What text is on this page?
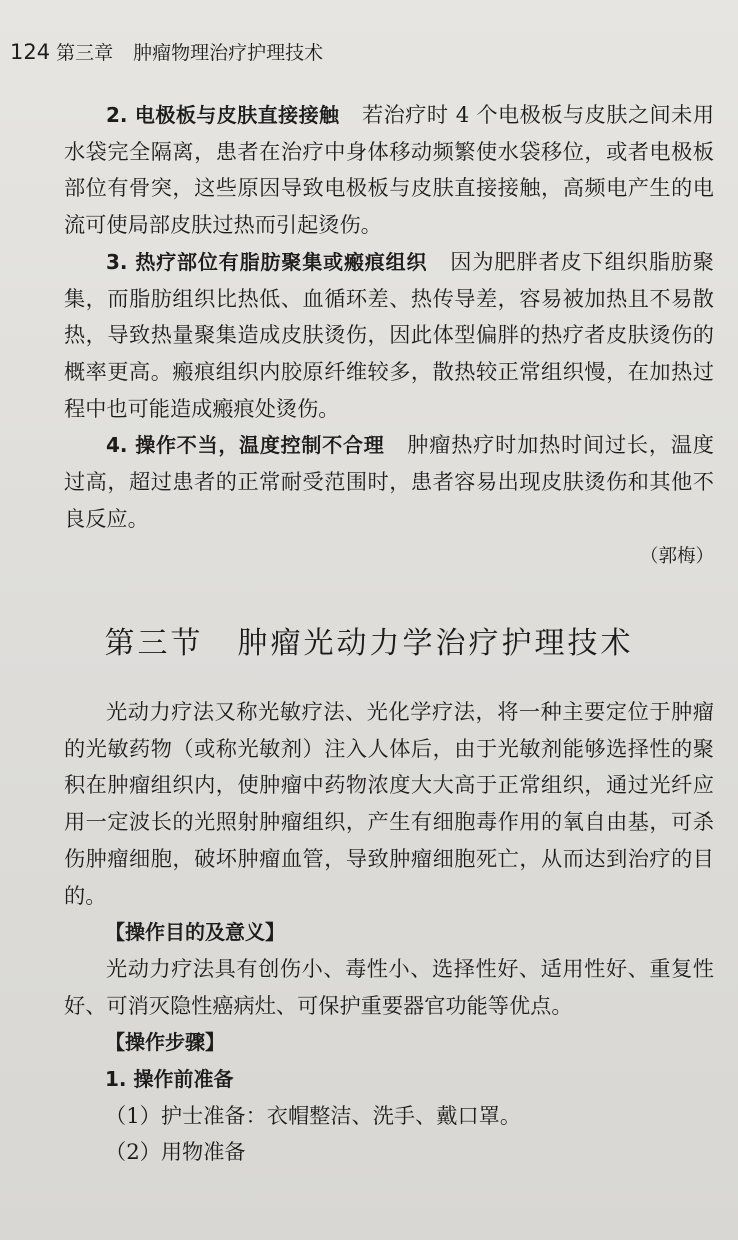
124 第三章 肿瘤物理治疗护理技术

2. 电极板与皮肤直接接触 若治疗时 4 个电极板与皮肤之间未用水袋完全隔离，患者在治疗中身体移动频繁使水袋移位，或者电极板部位有骨突，这些原因导致电极板与皮肤直接接触，高频电产生的电流可使局部皮肤过热而引起烫伤。

3. 热疗部位有脂肪聚集或瘢痕组织 因为肥胖者皮下组织脂肪聚集，而脂肪组织比热低、血循环差、热传导差，容易被加热且不易散热，导致热量聚集造成皮肤烫伤，因此体型偏胖的热疗者皮肤烫伤的概率更高。瘢痕组织内胶原纤维较多，散热较正常组织慢，在加热过程中也可能造成瘢痕处烫伤。

4. 操作不当，温度控制不合理 肿瘤热疗时加热时间过长，温度过高，超过患者的正常耐受范围时，患者容易出现皮肤烫伤和其他不良反应。

（郭梅）
第三节 肿瘤光动力学治疗护理技术

光动力疗法又称光敏疗法、光化学疗法，将一种主要定位于肿瘤的光敏药物（或称光敏剂）注入人体后，由于光敏剂能够选择性的聚积在肿瘤组织内，使肿瘤中药物浓度大大高于正常组织，通过光纤应用一定波长的光照射肿瘤组织，产生有细胞毒作用的氧自由基，可杀伤肿瘤细胞，破坏肿瘤血管，导致肿瘤细胞死亡，从而达到治疗的目的。

【操作目的及意义】

光动力疗法具有创伤小、毒性小、选择性好、适用性好、重复性好、可消灭隐性癌病灶、可保护重要器官功能等优点。

【操作步骤】

1. 操作前准备

（1）护士准备：衣帽整洁、洗手、戴口罩。

（2）用物准备
